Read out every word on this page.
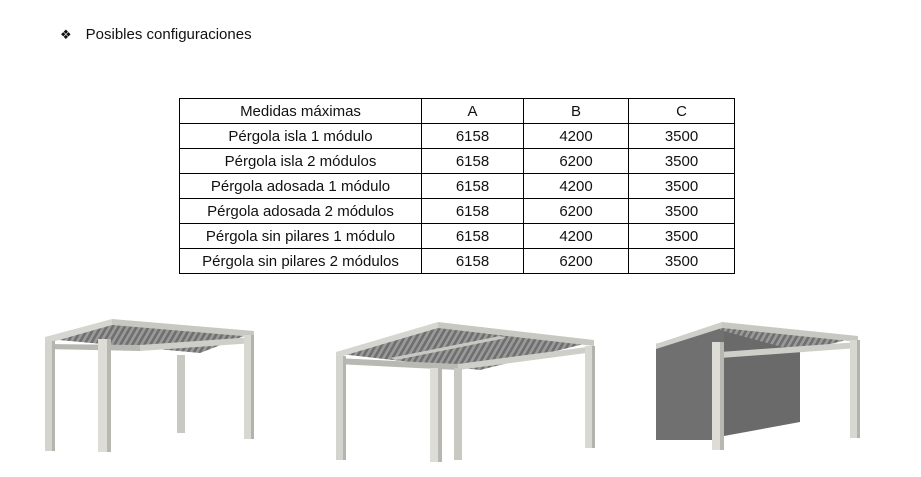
❖ Posibles configuraciones
Medidas máximas	A	B	C
Pérgola isla 1 módulo	6158	4200	3500
Pérgola isla 2 módulos	6158	6200	3500
Pérgola adosada 1 módulo	6158	4200	3500
Pérgola adosada 2 módulos	6158	6200	3500
Pérgola sin pilares 1 módulo	6158	4200	3500
Pérgola sin pilares 2 módulos	6158	6200	3500
